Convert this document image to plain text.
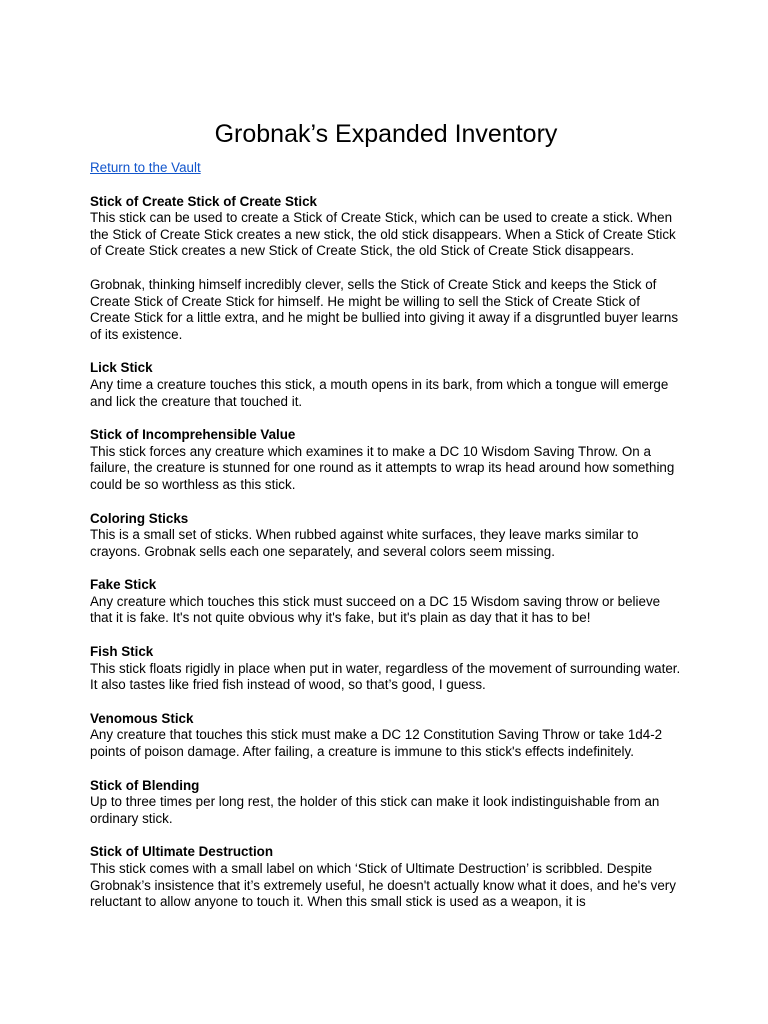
Grobnak’s Expanded Inventory
Return to the Vault
Stick of Create Stick of Create Stick

This stick can be used to create a Stick of Create Stick, which can be used to create a stick. When the Stick of Create Stick creates a new stick, the old stick disappears. When a Stick of Create Stick of Create Stick creates a new Stick of Create Stick, the old Stick of Create Stick disappears.

Grobnak, thinking himself incredibly clever, sells the Stick of Create Stick and keeps the Stick of Create Stick of Create Stick for himself. He might be willing to sell the Stick of Create Stick of Create Stick for a little extra, and he might be bullied into giving it away if a disgruntled buyer learns of its existence.

Lick Stick

Any time a creature touches this stick, a mouth opens in its bark, from which a tongue will emerge and lick the creature that touched it.

Stick of Incomprehensible Value

This stick forces any creature which examines it to make a DC 10 Wisdom Saving Throw. On a failure, the creature is stunned for one round as it attempts to wrap its head around how something could be so worthless as this stick.

Coloring Sticks

This is a small set of sticks. When rubbed against white surfaces, they leave marks similar to crayons. Grobnak sells each one separately, and several colors seem missing.

Fake Stick

Any creature which touches this stick must succeed on a DC 15 Wisdom saving throw or believe that it is fake. It's not quite obvious why it's fake, but it's plain as day that it has to be!

Fish Stick

This stick floats rigidly in place when put in water, regardless of the movement of surrounding water. It also tastes like fried fish instead of wood, so that’s good, I guess.

Venomous Stick

Any creature that touches this stick must make a DC 12 Constitution Saving Throw or take 1d4-2 points of poison damage. After failing, a creature is immune to this stick's effects indefinitely.

Stick of Blending

Up to three times per long rest, the holder of this stick can make it look indistinguishable from an ordinary stick.

Stick of Ultimate Destruction

This stick comes with a small label on which ‘Stick of Ultimate Destruction’ is scribbled. Despite Grobnak’s insistence that it’s extremely useful, he doesn't actually know what it does, and he's very reluctant to allow anyone to touch it. When this small stick is used as a weapon, it is
